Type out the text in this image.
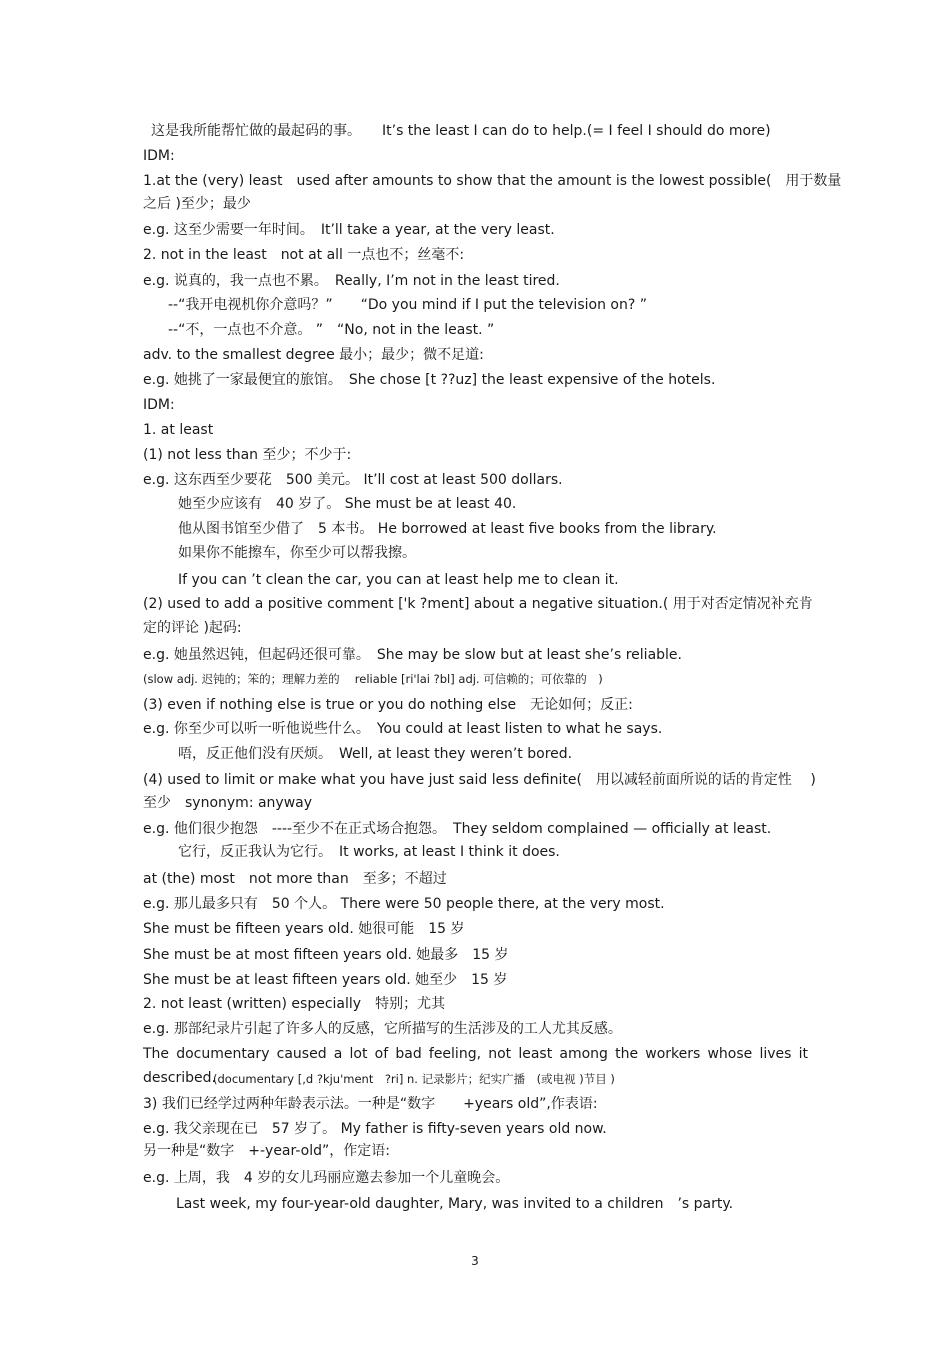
这是我所能帮忙做的最起码的事。　　It’s the least I can do to help.(= I feel I should do more)
IDM:
1.at the (very) least　used after amounts to show that the amount is the lowest possible(　用于数量
之后 )至少；最少
e.g. 这至少需要一年时间。　It’ll take a year, at the very least.
2. not in the least　not at all 一点也不；丝毫不:
e.g. 说真的，我一点也不累。　Really, I’m not in the least tired.
--“我开电视机你介意吗？”　　“Do you mind if I put the television on? ”
--“不，一点也不介意。 ”　“No, not in the least. ”
adv. to the smallest degree 最小；最少；微不足道:
e.g. 她挑了一家最便宜的旅馆。　She chose [t ??uz] the least expensive of the hotels.
IDM:
1. at least
(1) not less than 至少；不少于:
e.g. 这东西至少要花　500 美元。 It’ll cost at least 500 dollars.
她至少应该有　40 岁了。 She must be at least 40.
他从图书馆至少借了　5 本书。 He borrowed at least five books from the library.
如果你不能擦车，你至少可以帮我擦。
If you can ’t clean the car, you can at least help me to clean it.
(2) used to add a positive comment ['k ?ment] about a negative situation.( 用于对否定情况补充肯
定的评论 )起码:
e.g. 她虽然迟钝，但起码还很可靠。　She may be slow but at least she’s reliable.
(slow adj. 迟钝的；笨的；理解力差的　 reliable [ri'lai ?bl] adj. 可信赖的；可依靠的　)
(3) even if nothing else is true or you do nothing else　无论如何；反正:
e.g. 你至少可以听一听他说些什么。　You could at least listen to what he says.
唔，反正他们没有厌烦。　Well, at least they weren’t bored.
(4) used to limit or make what you have just said less definite(　用以减轻前面所说的话的肯定性　 )
至少　synonym: anyway
e.g. 他们很少抱怨　----至少不在正式场合抱怨。　They seldom complained — officially at least.
它行，反正我认为它行。　It works, at least I think it does.
at (the) most　not more than　至多；不超过
e.g. 那儿最多只有　50 个人。 There were 50 people there, at the very most.
She must be fifteen years old. 她很可能　15 岁
She must be at most fifteen years old. 她最多　15 岁
She must be at least fifteen years old. 她至少　15 岁
2. not least (written) especially　特别；尤其
e.g. 那部纪录片引起了许多人的反感，它所描写的生活涉及的工人尤其反感。
The documentary caused a lot of bad feeling, not least among the workers whose lives it
described.
(documentary [,d ?kju'ment　?ri] n. 记录影片；纪实广播　(或电视 )节目 )
3) 我们已经学过两种年龄表示法。一种是“数字　　+years old”,作表语:
e.g. 我父亲现在已　57 岁了。 My father is fifty-seven years old now.
另一种是“数字　+-year-old”，作定语:
e.g. 上周，我　4 岁的女儿玛丽应邀去参加一个儿童晚会。
Last week, my four-year-old daughter, Mary, was invited to a children　’s party.
3
